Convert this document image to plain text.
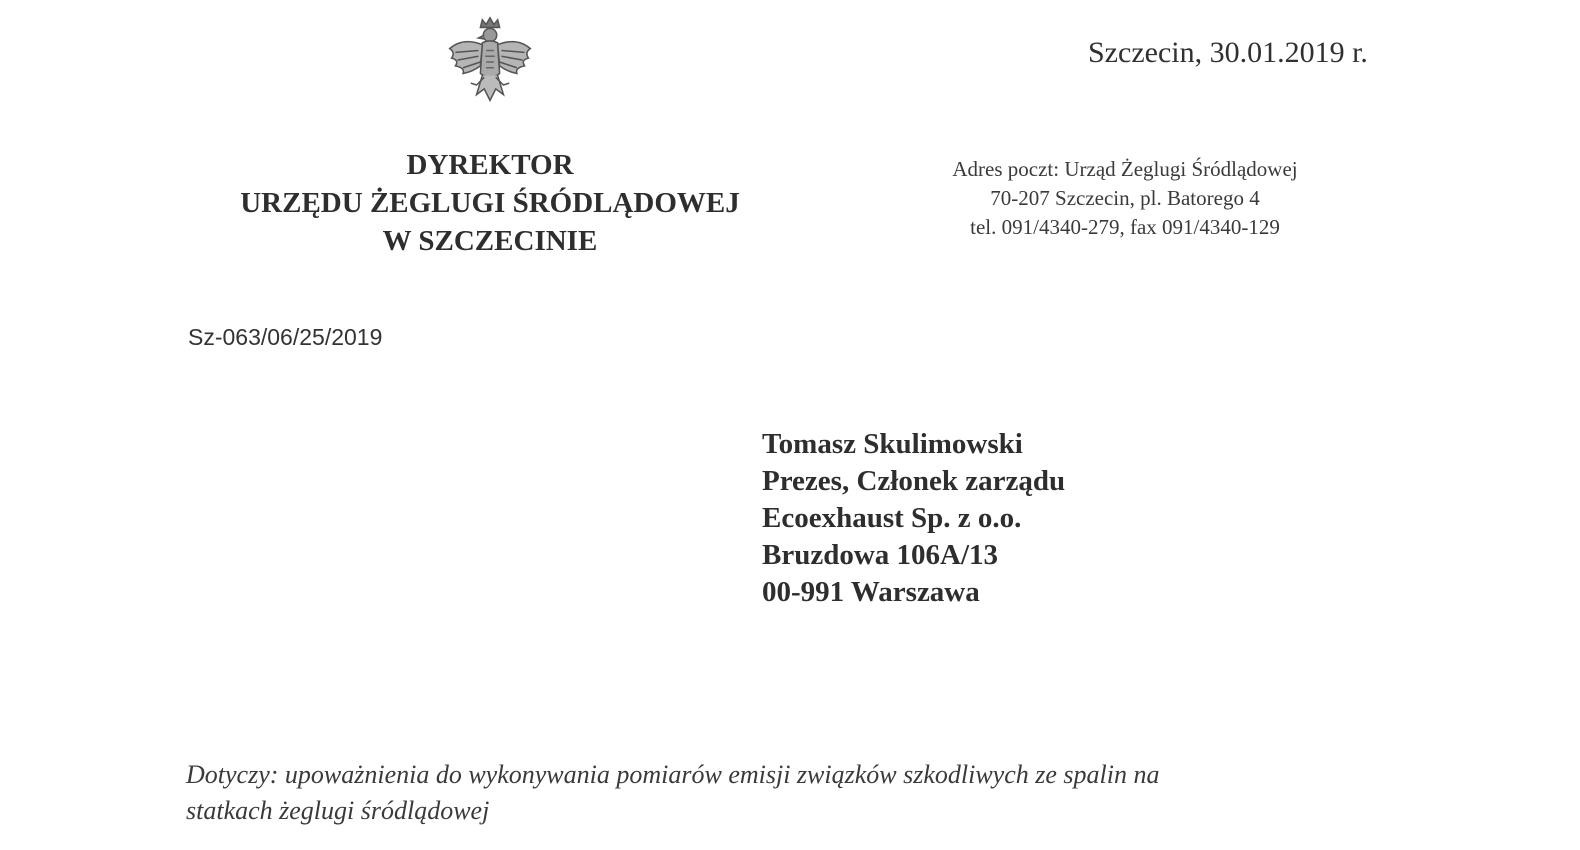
Szczecin, 30.01.2019 r.
DYREKTOR
URZĘDU ŻEGLUGI ŚRÓDLĄDOWEJ
W SZCZECINIE
Adres poczt: Urząd Żeglugi Śródlądowej
70-207 Szczecin, pl. Batorego 4
tel. 091/4340-279, fax 091/4340-129
Sz-063/06/25/2019
Tomasz Skulimowski
Prezes, Członek zarządu
Ecoexhaust Sp. z o.o.
Bruzdowa 106A/13
00-991 Warszawa
Dotyczy: upoważnienia do wykonywania pomiarów emisji związków szkodliwych ze spalin na
statkach żeglugi śródlądowej
